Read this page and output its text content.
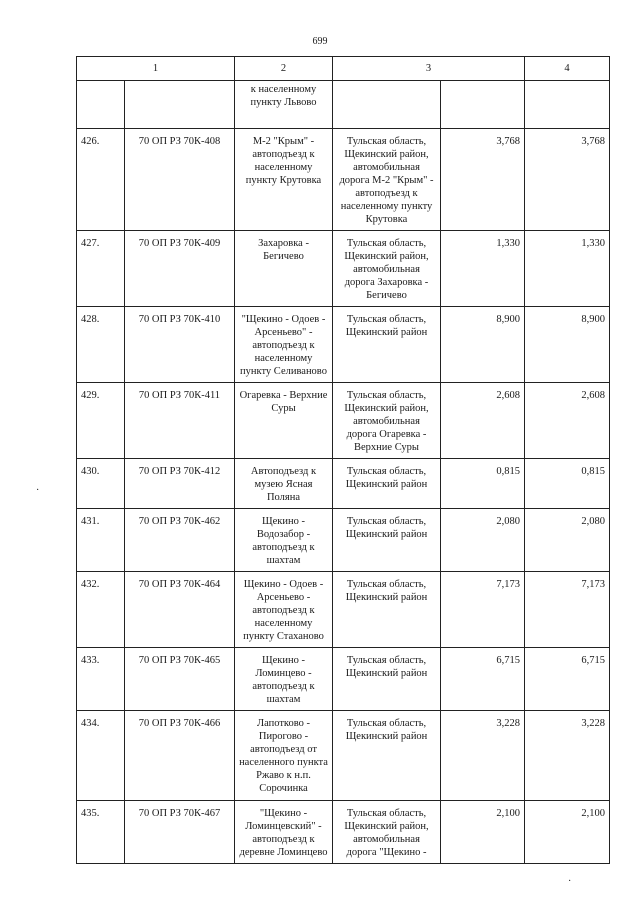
699
1		2	3		4
		к населенному пункту Львово			
426.	70 ОП РЗ 70К-408	М-2 "Крым" - автоподъезд к населенному пункту Крутовка	Тульская область, Щекинский район, автомобильная дорога М-2 "Крым" - автоподъезд к населенному пункту Крутовка	3,768	3,768
427.	70 ОП РЗ 70К-409	Захаровка - Бегичево	Тульская область, Щекинский район, автомобильная дорога Захаровка - Бегичево	1,330	1,330
428.	70 ОП РЗ 70К-410	"Щекино - Одоев - Арсеньево" - автоподъезд к населенному пункту Селиваново	Тульская область, Щекинский район	8,900	8,900
429.	70 ОП РЗ 70К-411	Огаревка - Верхние Суры	Тульская область, Щекинский район, автомобильная дорога Огаревка - Верхние Суры	2,608	2,608
430.	70 ОП РЗ 70К-412	Автоподъезд к музею Ясная Поляна	Тульская область, Щекинский район	0,815	0,815
431.	70 ОП РЗ 70К-462	Щекино - Водозабор - автоподъезд к шахтам	Тульская область, Щекинский район	2,080	2,080
432.	70 ОП РЗ 70К-464	Щекино - Одоев - Арсеньево - автоподъезд к населенному пункту Стаханово	Тульская область, Щекинский район	7,173	7,173
433.	70 ОП РЗ 70К-465	Щекино - Ломинцево - автоподъезд к шахтам	Тульская область, Щекинский район	6,715	6,715
434.	70 ОП РЗ 70К-466	Лапотково - Пирогово - автоподъезд от населенного пункта Ржаво к н.п. Сорочинка	Тульская область, Щекинский район	3,228	3,228
435.	70 ОП РЗ 70К-467	"Щекино - Ломинцевский" - автоподъезд к деревне Ломинцево	Тульская область, Щекинский район, автомобильная дорога "Щекино -	2,100	2,100
·
·
